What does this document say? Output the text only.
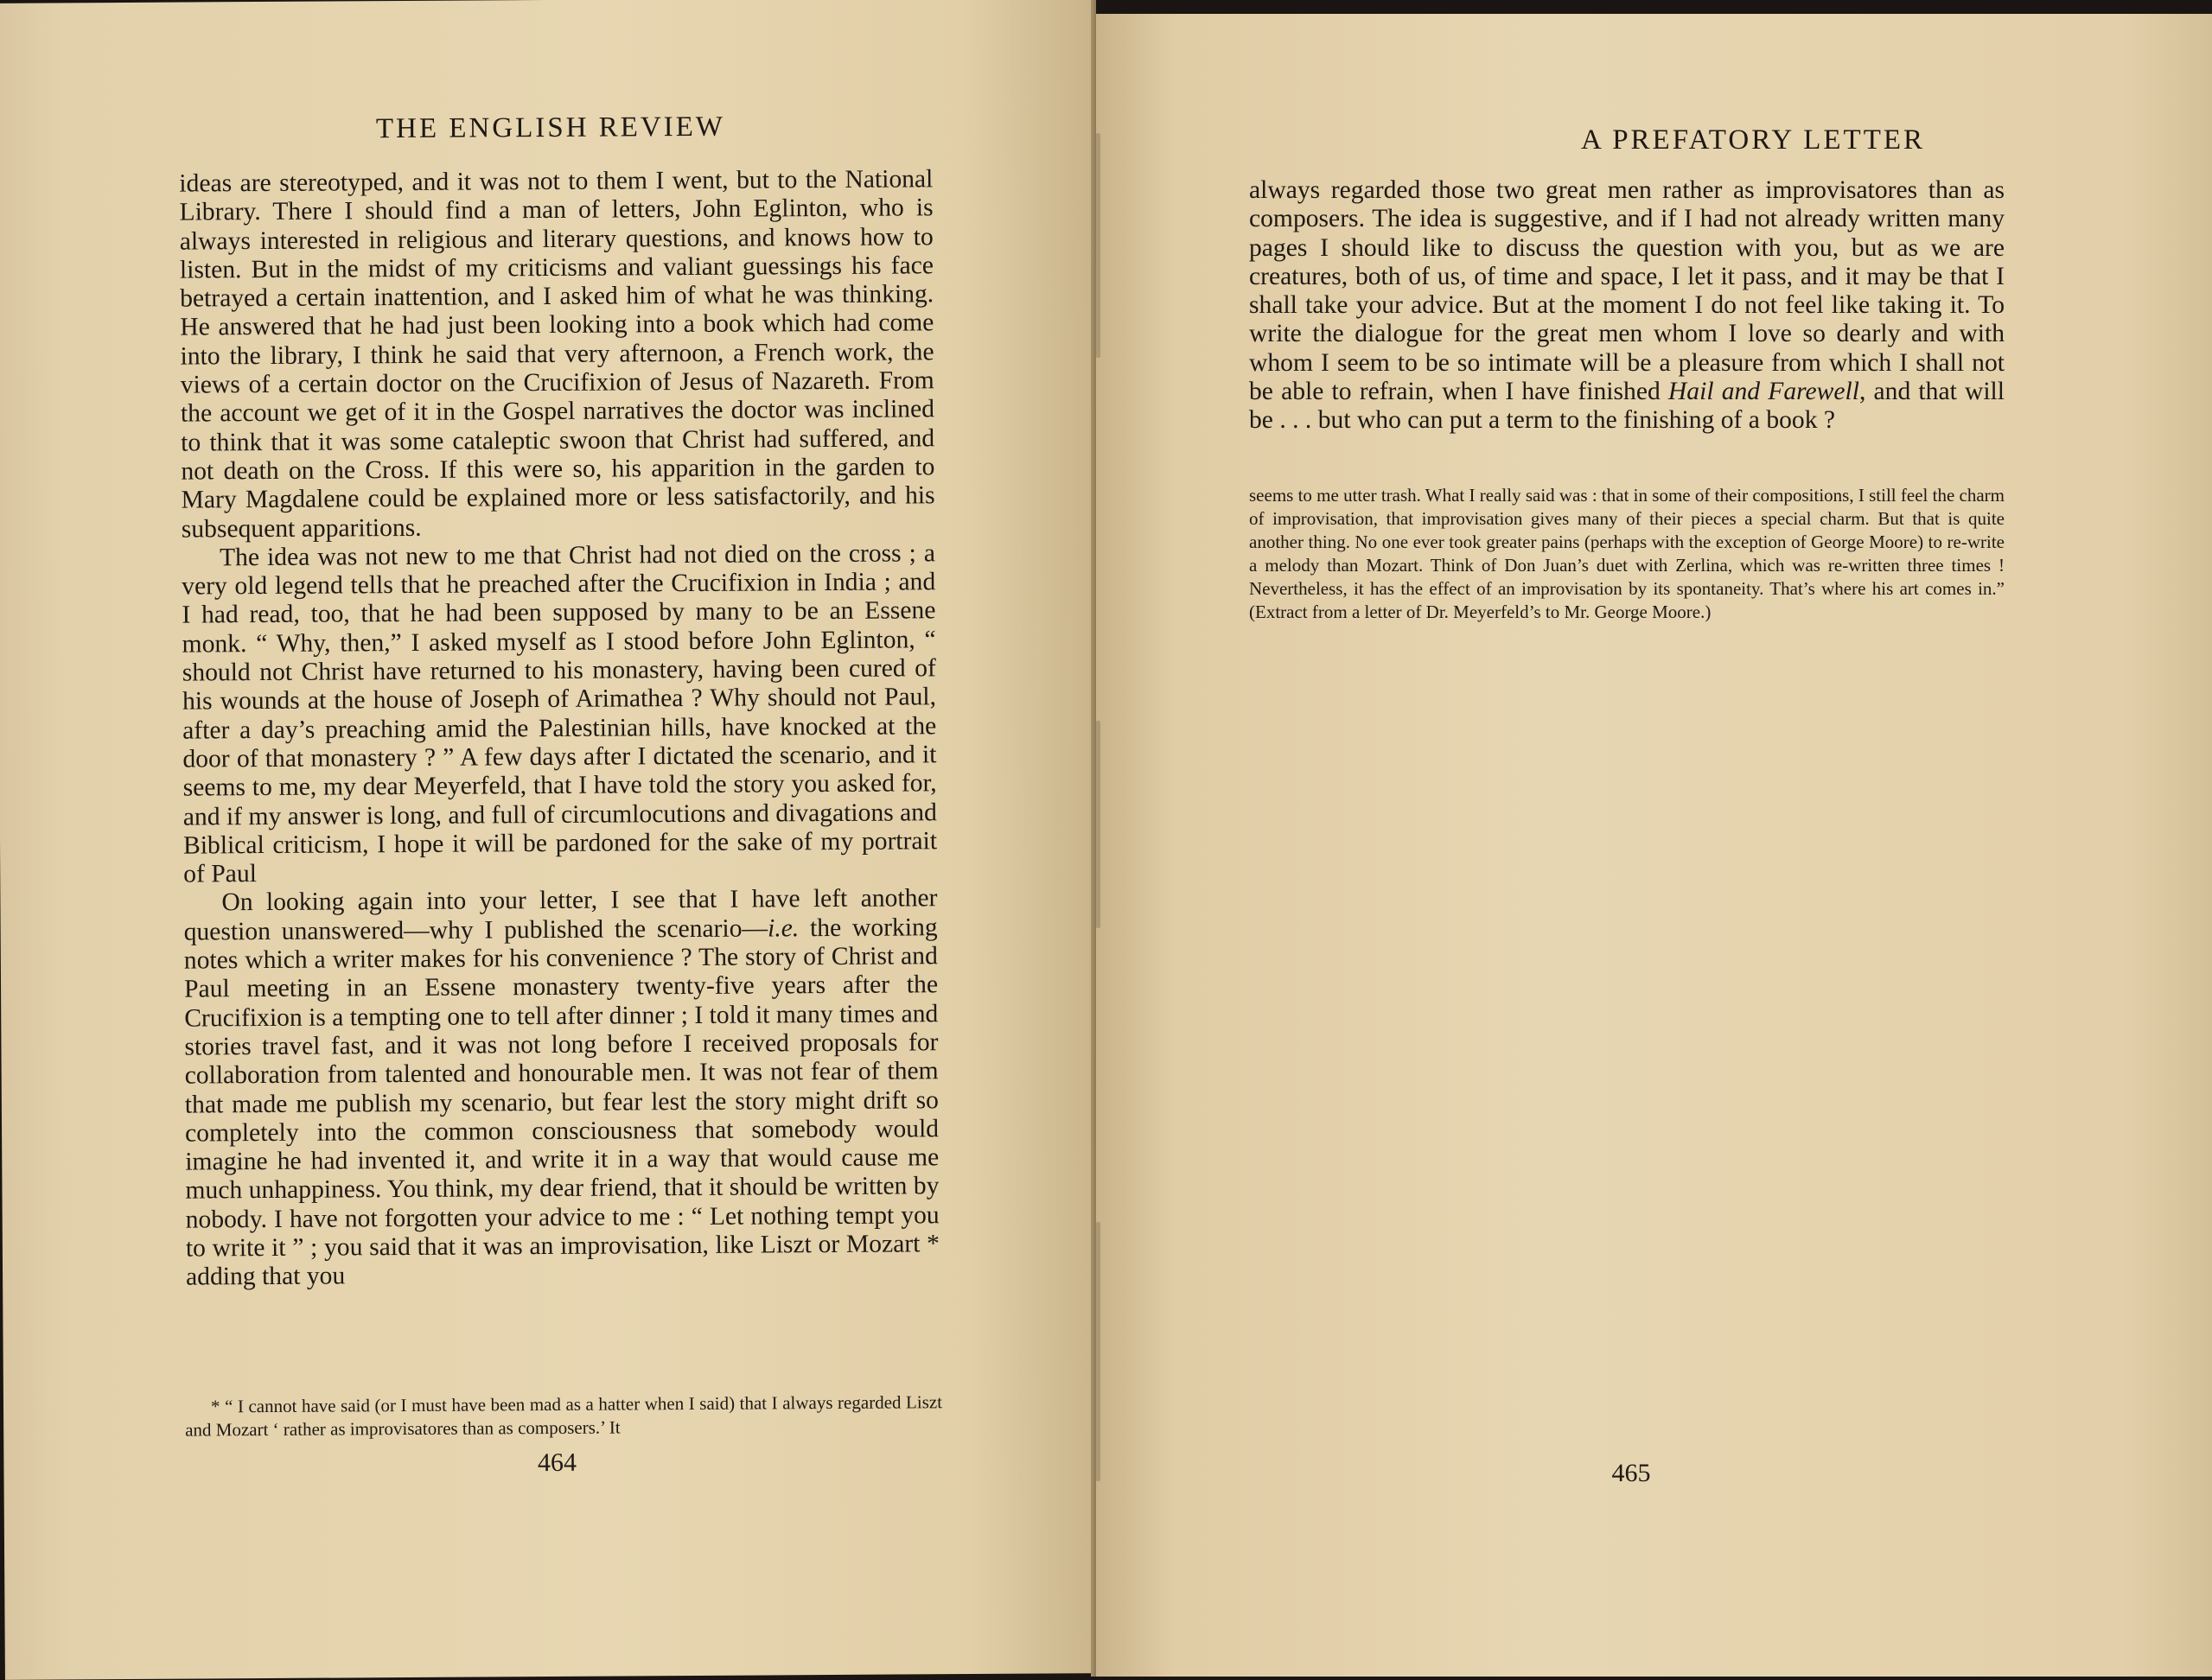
THE ENGLISH REVIEW

ideas are stereotyped, and it was not to them I went, but to the National Library. There I should find a man of letters, John Eglinton, who is always interested in religious and literary questions, and knows how to listen. But in the midst of my criticisms and valiant guessings his face betrayed a certain inattention, and I asked him of what he was thinking. He answered that he had just been looking into a book which had come into the library, I think he said that very afternoon, a French work, the views of a certain doctor on the Crucifixion of Jesus of Nazareth. From the account we get of it in the Gospel narratives the doctor was inclined to think that it was some cataleptic swoon that Christ had suffered, and not death on the Cross. If this were so, his apparition in the garden to Mary Magdalene could be explained more or less satisfactorily, and his subsequent apparitions.

The idea was not new to me that Christ had not died on the cross ; a very old legend tells that he preached after the Crucifixion in India ; and I had read, too, that he had been supposed by many to be an Essene monk. “ Why, then,” I asked myself as I stood before John Eglinton, “ should not Christ have returned to his monastery, having been cured of his wounds at the house of Joseph of Arimathea ? Why should not Paul, after a day’s preaching amid the Palestinian hills, have knocked at the door of that monastery ? ” A few days after I dictated the scenario, and it seems to me, my dear Meyerfeld, that I have told the story you asked for, and if my answer is long, and full of circumlocutions and divagations and Biblical criticism, I hope it will be pardoned for the sake of my portrait of Paul

On looking again into your letter, I see that I have left another question unanswered—why I published the scenario—i.e. the working notes which a writer makes for his convenience ? The story of Christ and Paul meeting in an Essene monastery twenty-five years after the Crucifixion is a tempting one to tell after dinner ; I told it many times and stories travel fast, and it was not long before I received proposals for collaboration from talented and honourable men. It was not fear of them that made me publish my scenario, but fear lest the story might drift so completely into the common consciousness that somebody would imagine he had invented it, and write it in a way that would cause me much unhappiness. You think, my dear friend, that it should be written by nobody. I have not forgotten your advice to me : “ Let nothing tempt you to write it ” ; you said that it was an improvisation, like Liszt or Mozart * adding that you

* “ I cannot have said (or I must have been mad as a hatter when I said) that I always regarded Liszt and Mozart ‘ rather as improvisatores than as composers.’ It
464
A PREFATORY LETTER

always regarded those two great men rather as improvisatores than as composers. The idea is suggestive, and if I had not already written many pages I should like to discuss the question with you, but as we are creatures, both of us, of time and space, I let it pass, and it may be that I shall take your advice. But at the moment I do not feel like taking it. To write the dialogue for the great men whom I love so dearly and with whom I seem to be so intimate will be a pleasure from which I shall not be able to refrain, when I have finished Hail and Farewell, and that will be . . . but who can put a term to the finishing of a book ?

seems to me utter trash. What I really said was : that in some of their compositions, I still feel the charm of improvisation, that improvisation gives many of their pieces a special charm. But that is quite another thing. No one ever took greater pains (perhaps with the exception of George Moore) to re-write a melody than Mozart. Think of Don Juan’s duet with Zerlina, which was re-written three times ! Nevertheless, it has the effect of an improvisation by its spontaneity. That’s where his art comes in.” (Extract from a letter of Dr. Meyerfeld’s to Mr. George Moore.)
465
